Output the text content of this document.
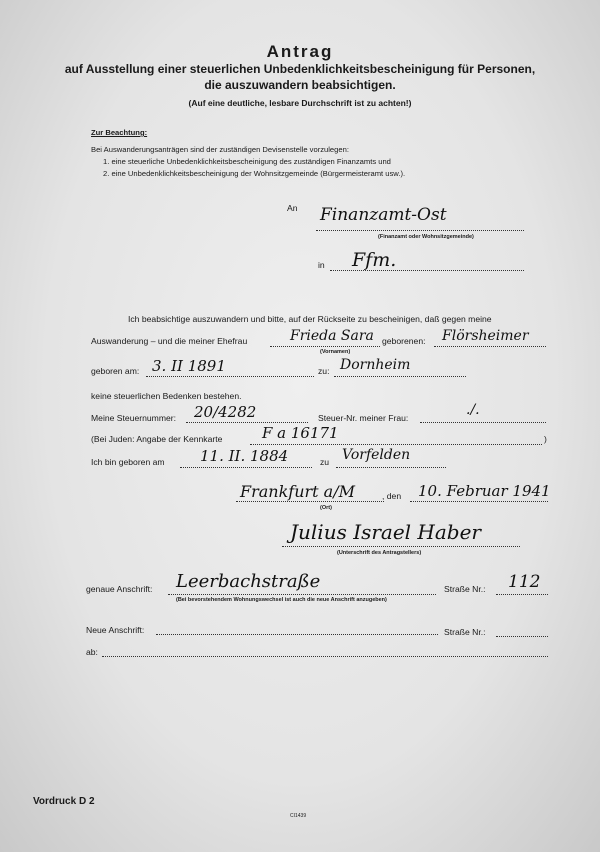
Antrag
auf Ausstellung einer steuerlichen Unbedenklichkeitsbescheinigung für Personen,
die auszuwandern beabsichtigen.
(Auf eine deutliche, lesbare Durchschrift ist zu achten!)
Zur Beachtung:
Bei Auswanderungsanträgen sind der zuständigen Devisenstelle vorzulegen:
1. eine steuerliche Unbedenklichkeitsbescheinigung des zuständigen Finanzamts und
2. eine Unbedenklichkeitsbescheinigung der Wohnsitzgemeinde (Bürgermeisteramt usw.).
An Finanzamt-Ost
(Finanzamt oder Wohnsitzgemeinde)
in Ffm.
Ich beabsichtige auszuwandern und bitte, auf der Rückseite zu bescheinigen, daß gegen meine
Auswanderung – und die meiner Ehefrau	Frieda Sara
(Vornamen)
geborenen: Flörsheimer
geboren am: 3. II 1891	zu: Dornheim
keine steuerlichen Bedenken bestehen.
Meine Steuernummer: 20/4282	Steuer-Nr. meiner Frau:	./.
(Bei Juden: Angabe der Kennkarte	F a 16171	)
Ich bin geboren am 11. II. 1884	zu Vorfelden
Frankfurt a/M
(Ort)
, den 10. Februar 1941
Julius Israel Haber
(Unterschrift des Antragstellers)
genaue Anschrift: Leerbachstraße	Straße Nr.: 112
(Bei bevorstehendem Wohnungswechsel ist auch die neue Anschrift anzugeben)
Neue Anschrift:	Straße Nr.:
ab:
Vordruck D 2
CI1439
